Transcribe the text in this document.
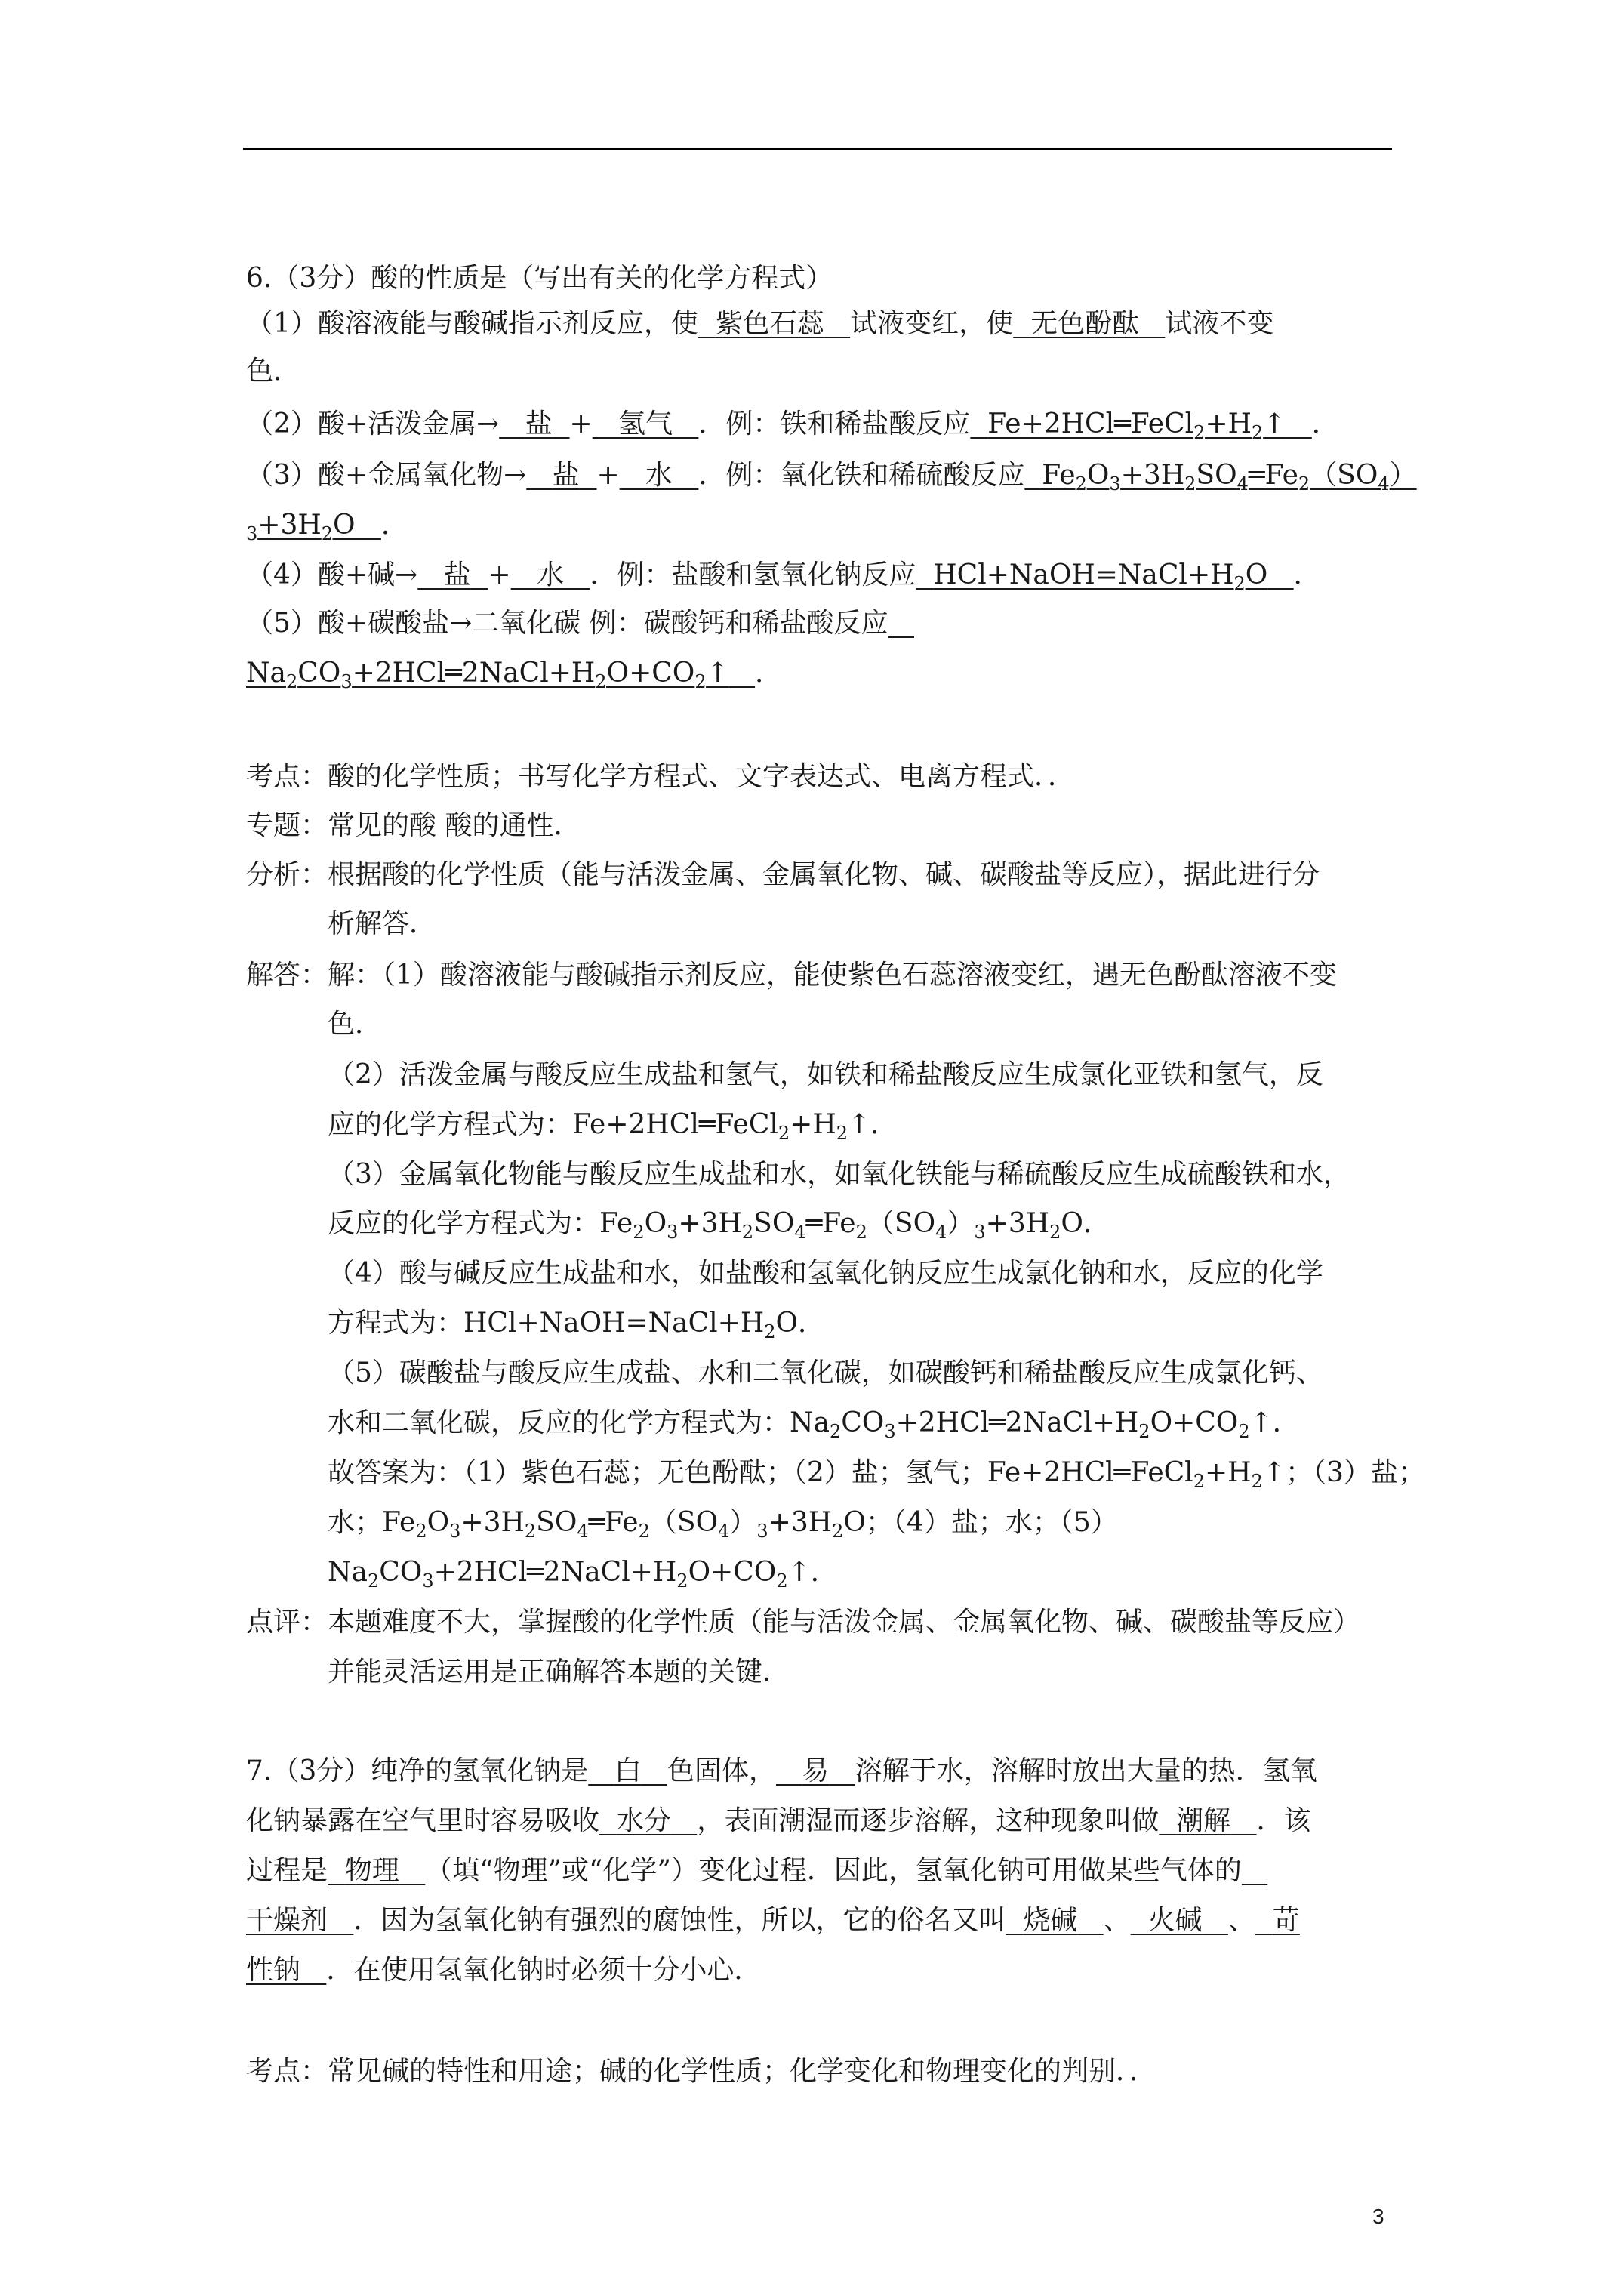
6.（3分）酸的性质是（写出有关的化学方程式）
（1）酸溶液能与酸碱指示剂反应，使 紫色石蕊 试液变红，使 无色酚酞 试液不变
色．
（2）酸+活泼金属→ 盐 + 氢气 ．例：铁和稀盐酸反应 $Fe+2HCl═FeCl_2+H_2↑$ ．
（3）酸+金属氧化物→ 盐 + 水 ．例：氧化铁和稀硫酸反应 $Fe_2O_3+3H_2SO_4═Fe_2(SO_4)$
$_3+3H_2O$ ．
（4）酸+碱→ 盐 + 水 ．例：盐酸和氢氧化钠反应 $HCl+NaOH=NaCl+H_2O$ ．
（5）酸+碳酸盐→二氧化碳 例：碳酸钙和稀盐酸反应
$Na_2CO_3+2HCl═2NaCl+H_2O+CO_2↑$ ．
考点：酸的化学性质；书写化学方程式、文字表达式、电离方程式．．
专题：常见的酸 酸的通性．
分析：根据酸的化学性质（能与活泼金属、金属氧化物、碱、碳酸盐等反应），据此进行分
析解答．
解答：解：（1）酸溶液能与酸碱指示剂反应，能使紫色石蕊溶液变红，遇无色酚酞溶液不变
色．
（2）活泼金属与酸反应生成盐和氢气，如铁和稀盐酸反应生成氯化亚铁和氢气，反
应的化学方程式为：$Fe+2HCl═FeCl_2+H_2↑$．
（3）金属氧化物能与酸反应生成盐和水，如氧化铁能与稀硫酸反应生成硫酸铁和水，
反应的化学方程式为：$Fe_2O_3+3H_2SO_4═Fe_2(SO_4)_3+3H_2O$．
（4）酸与碱反应生成盐和水，如盐酸和氢氧化钠反应生成氯化钠和水，反应的化学
方程式为：$HCl+NaOH=NaCl+H_2O$．
（5）碳酸盐与酸反应生成盐、水和二氧化碳，如碳酸钙和稀盐酸反应生成氯化钙、
水和二氧化碳，反应的化学方程式为：$Na_2CO_3+2HCl═2NaCl+H_2O+CO_2↑$．
故答案为：（1）紫色石蕊；无色酚酞；（2）盐；氢气；$Fe+2HCl═FeCl_2+H_2↑$；（3）盐；
水；$Fe_2O_3+3H_2SO_4═Fe_2(SO_4)_3+3H_2O$；（4）盐；水；（5）
$Na_2CO_3+2HCl═2NaCl+H_2O+CO_2↑$．
点评：本题难度不大，掌握酸的化学性质（能与活泼金属、金属氧化物、碱、碳酸盐等反应）
并能灵活运用是正确解答本题的关键．
7.（3分）纯净的氢氧化钠是 白 色固体， 易 溶解于水，溶解时放出大量的热．氢氧
化钠暴露在空气里时容易吸收 水分 ，表面潮湿而逐步溶解，这种现象叫做 潮解 ．该
过程是 物理 （填“物理”或“化学”）变化过程．因此，氢氧化钠可用做某些气体的
干燥剂 ．因为氢氧化钠有强烈的腐蚀性，所以，它的俗名又叫 烧碱 、 火碱 、 苛
性钠 ．在使用氢氧化钠时必须十分小心．
考点：常见碱的特性和用途；碱的化学性质；化学变化和物理变化的判别．．
3
